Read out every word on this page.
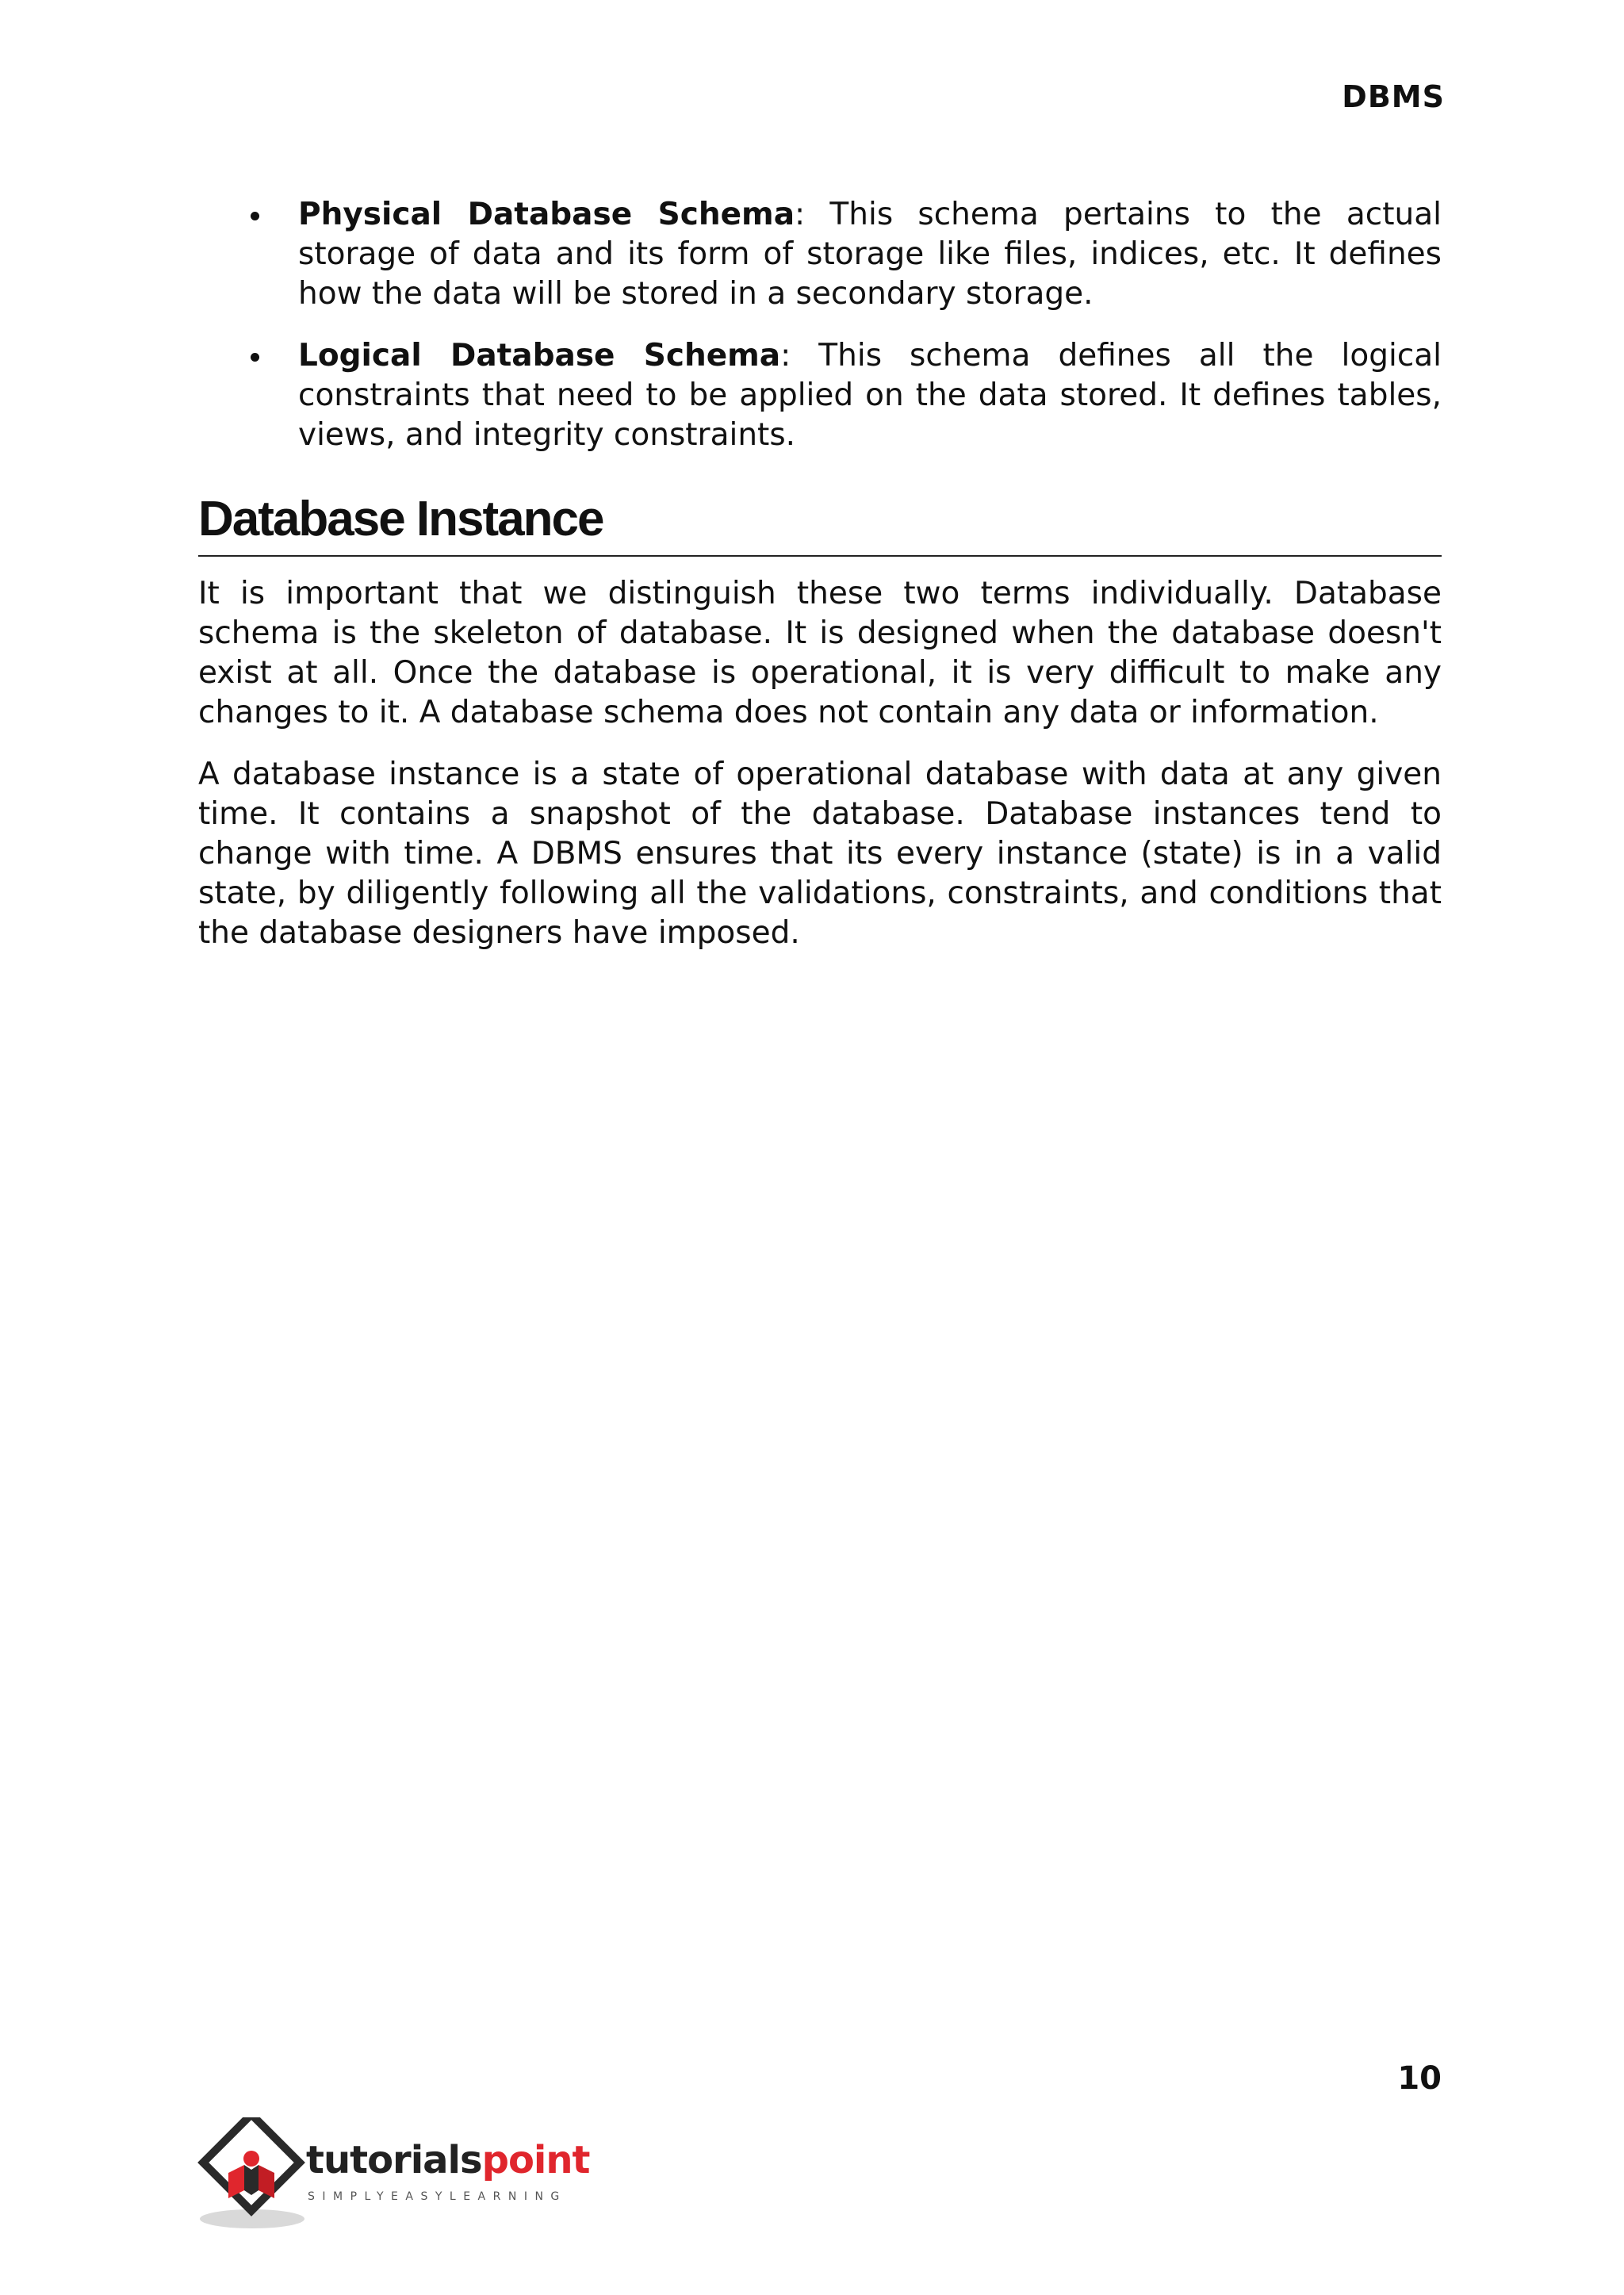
DBMS
Physical Database Schema: This schema pertains to the actual storage of data and its form of storage like files, indices, etc. It defines how the data will be stored in a secondary storage.
Logical Database Schema: This schema defines all the logical constraints that need to be applied on the data stored. It defines tables, views, and integrity constraints.
Database Instance

It is important that we distinguish these two terms individually. Database schema is the skeleton of database. It is designed when the database doesn't exist at all. Once the database is operational, it is very difficult to make any changes to it. A database schema does not contain any data or information.

A database instance is a state of operational database with data at any given time. It contains a snapshot of the database. Database instances tend to change with time. A DBMS ensures that its every instance (state) is in a valid state, by diligently following all the validations, constraints, and conditions that the database designers have imposed.

10
tutorialspoint
SIMPLYEASYLEARNING
